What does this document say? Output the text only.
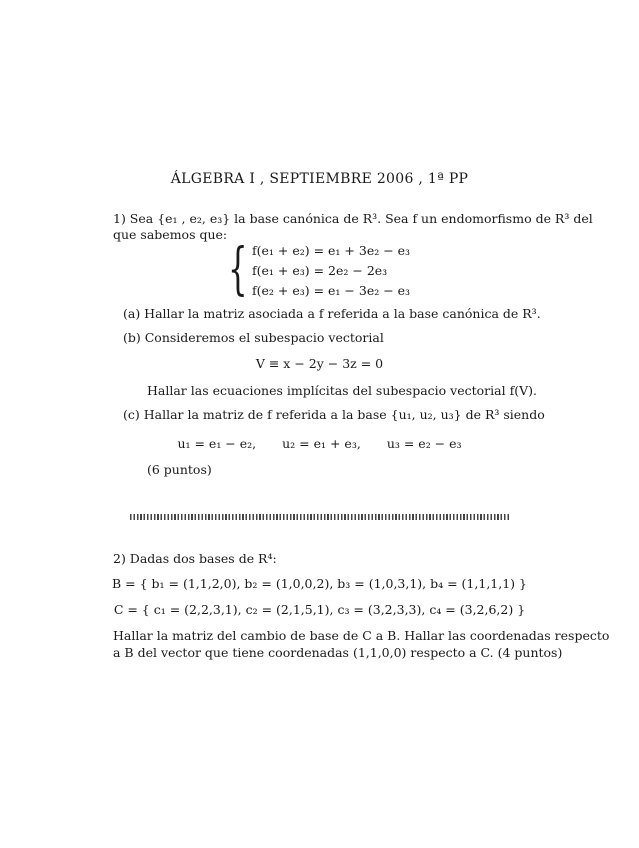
ÁLGEBRA I , SEPTIEMBRE 2006 , 1ª PP
1) Sea {e₁ , e₂, e₃} la base canónica de R³. Sea f un endomorfismo de R³ del
que sabemos que:
{ f(e₁ + e₂) = e₁ + 3e₂ − e₃
f(e₁ + e₃) = 2e₂ − 2e₃
f(e₂ + e₃) = e₁ − 3e₂ − e₃
(a) Hallar la matriz asociada a f referida a la base canónica de R³.
(b) Consideremos el subespacio vectorial
V ≡ x − 2y − 3z = 0
Hallar las ecuaciones implícitas del subespacio vectorial f(V).
(c) Hallar la matriz de f referida a la base {u₁, u₂, u₃} de R³ siendo
u₁ = e₁ − e₂, u₂ = e₁ + e₃, u₃ = e₂ − e₃
(6 puntos)
2) Dadas dos bases de R⁴:
B = { b₁ = (1,1,2,0), b₂ = (1,0,0,2), b₃ = (1,0,3,1), b₄ = (1,1,1,1) }
C = { c₁ = (2,2,3,1), c₂ = (2,1,5,1), c₃ = (3,2,3,3), c₄ = (3,2,6,2) }
Hallar la matriz del cambio de base de C a B. Hallar las coordenadas respecto
a B del vector que tiene coordenadas (1,1,0,0) respecto a C. (4 puntos)
